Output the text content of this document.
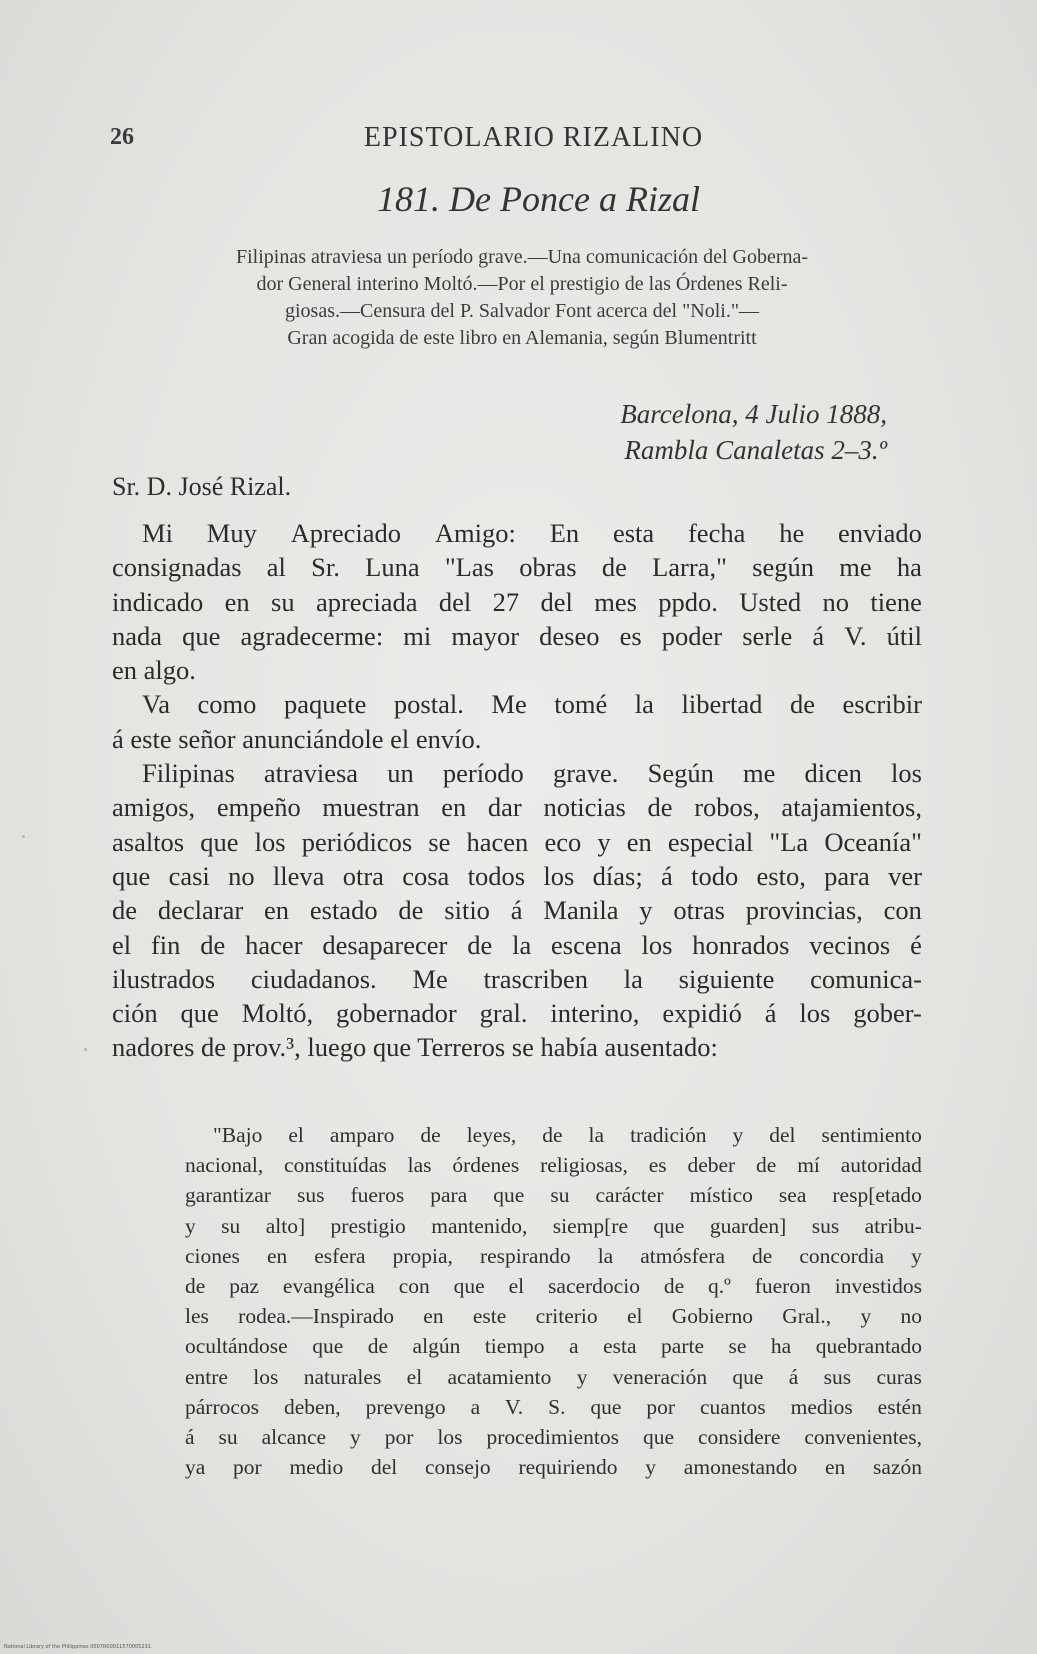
26	EPISTOLARIO RIZALINO
181. De Ponce a Rizal
Filipinas atraviesa un período grave.—Una comunicación del Goberna-
dor General interino Moltó.—Por el prestigio de las Órdenes Reli-
giosas.—Censura del P. Salvador Font acerca del "Noli."—
Gran acogida de este libro en Alemania, según Blumentritt
Barcelona, 4 Julio 1888,
Rambla Canaletas 2–3.º
Sr. D. José Rizal.
Mi Muy Apreciado Amigo: En esta fecha he enviado
consignadas al Sr. Luna "Las obras de Larra," según me ha
indicado en su apreciada del 27 del mes ppdo. Usted no tiene
nada que agradecerme: mi mayor deseo es poder serle á V. útil
en algo.
Va como paquete postal. Me tomé la libertad de escribir
á este señor anunciándole el envío.
Filipinas atraviesa un período grave. Según me dicen los
amigos, empeño muestran en dar noticias de robos, atajamientos,
asaltos que los periódicos se hacen eco y en especial "La Oceanía"
que casi no lleva otra cosa todos los días; á todo esto, para ver
de declarar en estado de sitio á Manila y otras provincias, con
el fin de hacer desaparecer de la escena los honrados vecinos é
ilustrados ciudadanos. Me trascriben la siguiente comunica-
ción que Moltó, gobernador gral. interino, expidió á los gober-
nadores de prov.³, luego que Terreros se había ausentado:
"Bajo el amparo de leyes, de la tradición y del sentimiento
nacional, constituídas las órdenes religiosas, es deber de mí autoridad
garantizar sus fueros para que su carácter místico sea resp[etado
y su alto] prestigio mantenido, siemp[re que guarden] sus atribu-
ciones en esfera propia, respirando la atmósfera de concordia y
de paz evangélica con que el sacerdocio de q.º fueron investidos
les rodea.—Inspirado en este criterio el Gobierno Gral., y no
ocultándose que de algún tiempo a esta parte se ha quebrantado
entre los naturales el acatamiento y veneración que á sus curas
párrocos deben, prevengo a V. S. que por cuantos medios estén
á su alcance y por los procedimientos que considere convenientes,
ya por medio del consejo requiriendo y amonestando en sazón
National Library of the Philippines 0007R00011570005231
